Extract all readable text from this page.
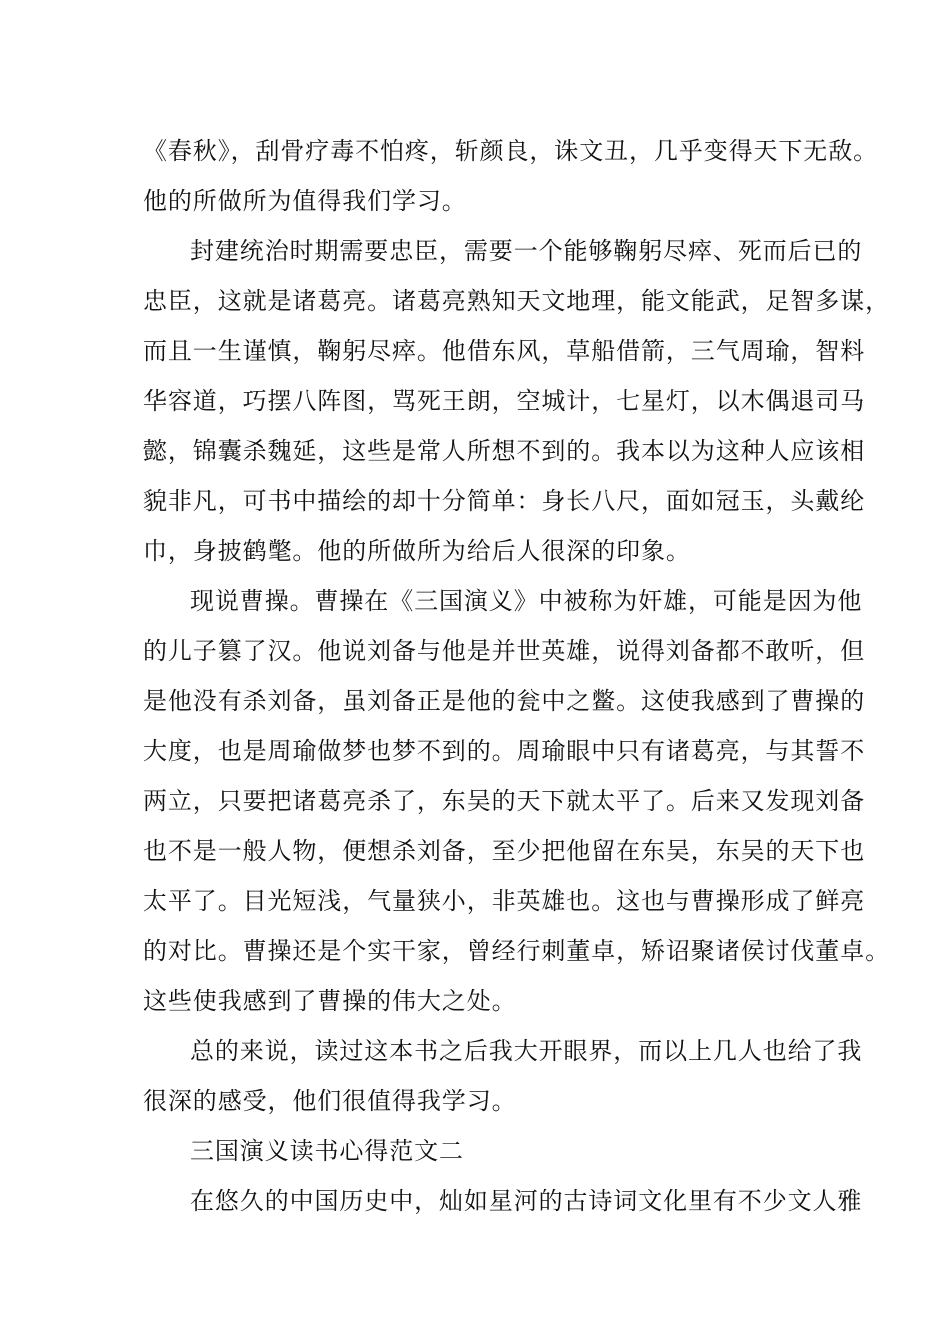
《春秋》，刮骨疗毒不怕疼，斩颜良，诛文丑，几乎变得天下无敌。
他的所做所为值得我们学习。
封建统治时期需要忠臣，需要一个能够鞠躬尽瘁、死而后已的
忠臣，这就是诸葛亮。诸葛亮熟知天文地理，能文能武，足智多谋，
而且一生谨慎，鞠躬尽瘁。他借东风，草船借箭，三气周瑜，智料
华容道，巧摆八阵图，骂死王朗，空城计，七星灯，以木偶退司马
懿，锦囊杀魏延，这些是常人所想不到的。我本以为这种人应该相
貌非凡，可书中描绘的却十分简单：身长八尺，面如冠玉，头戴纶
巾，身披鹤氅。他的所做所为给后人很深的印象。
现说曹操。曹操在《三国演义》中被称为奸雄，可能是因为他
的儿子篡了汉。他说刘备与他是并世英雄，说得刘备都不敢听，但
是他没有杀刘备，虽刘备正是他的瓮中之鳖。这使我感到了曹操的
大度，也是周瑜做梦也梦不到的。周瑜眼中只有诸葛亮，与其誓不
两立，只要把诸葛亮杀了，东吴的天下就太平了。后来又发现刘备
也不是一般人物，便想杀刘备，至少把他留在东吴，东吴的天下也
太平了。目光短浅，气量狭小，非英雄也。这也与曹操形成了鲜亮
的对比。曹操还是个实干家，曾经行刺董卓，矫诏聚诸侯讨伐董卓。
这些使我感到了曹操的伟大之处。
总的来说，读过这本书之后我大开眼界，而以上几人也给了我
很深的感受，他们很值得我学习。
三国演义读书心得范文二
在悠久的中国历史中，灿如星河的古诗词文化里有不少文人雅
